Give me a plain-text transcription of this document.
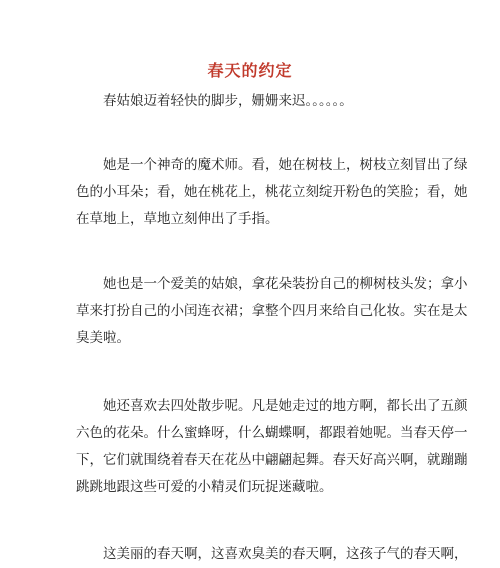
春天的约定

　　春姑娘迈着轻快的脚步，姗姗来迟。。。。。。

　　她是一个神奇的魔术师。看，她在树枝上，树枝立刻冒出了绿
色的小耳朵；看，她在桃花上，桃花立刻绽开粉色的笑脸；看，她
在草地上，草地立刻伸出了手指。

　　她也是一个爱美的姑娘，拿花朵装扮自己的柳树枝头发；拿小
草来打扮自己的小闰连衣裙；拿整个四月来给自己化妆。实在是太
臭美啦。

　　她还喜欢去四处散步呢。凡是她走过的地方啊，都长出了五颜
六色的花朵。什么蜜蜂呀，什么蝴蝶啊，都跟着她呢。当春天停一
下，它们就围绕着春天在花丛中翩翩起舞。春天好高兴啊，就蹦蹦
跳跳地跟这些可爱的小精灵们玩捉迷藏啦。

　　这美丽的春天啊，这喜欢臭美的春天啊，这孩子气的春天啊，
